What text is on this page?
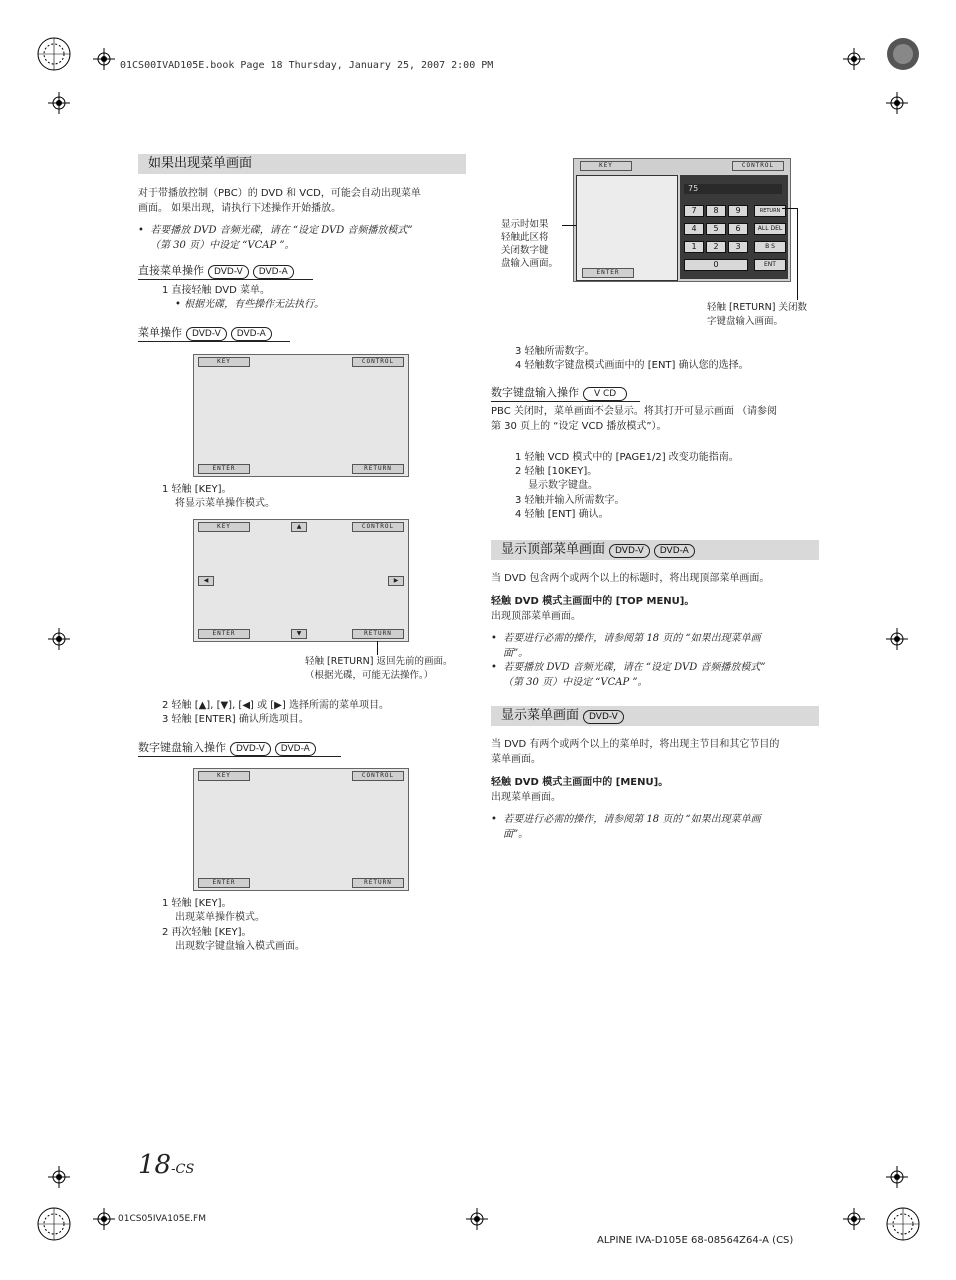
01CS00IVAD105E.book Page 18 Thursday, January 25, 2007 2:00 PM
如果出现菜单画面
对于带播放控制（PBC）的 DVD 和 VCD，可能会自动出现菜单
画面。 如果出现，请执行下述操作开始播放。
•  若要播放 DVD 音频光碟，请在 “设定 DVD 音频播放模式”
（第 30 页）中设定 “VCAP ”。
直接菜单操作 DVD-V DVD-A
1 直接轻触 DVD 菜单。
• 根据光碟，有些操作无法执行。
菜单操作 DVD-V DVD-A
KEY	CONTROL
ENTER	RETURN
1 轻触 [KEY]。
将显示菜单操作模式。
KEY	▲	CONTROL
◀	▶
ENTER	▼	RETURN
轻触 [RETURN] 返回先前的画面。
（根据光碟，可能无法操作。）
2 轻触 [▲], [▼], [◀] 或 [▶] 选择所需的菜单项目。
3 轻触 [ENTER] 确认所选项目。
数字键盘输入操作 DVD-V DVD-A
KEY	CONTROL
ENTER	RETURN
1 轻触 [KEY]。
出现菜单操作模式。
2 再次轻触 [KEY]。
出现数字键盘输入模式画面。
KEY	CONTROL
ENTER
75
7	8	9	RETURN
4	5	6	ALL DEL
1	2	3	B S
0	ENT
显示时如果
轻触此区将
关闭数字键
盘输入画面。
轻触 [RETURN] 关闭数
字键盘输入画面。
3 轻触所需数字。
4 轻触数字键盘模式画面中的 [ENT] 确认您的选择。
数字键盘输入操作 V CD
PBC 关闭时，菜单画面不会显示。将其打开可显示画面 （请参阅
第 30 页上的 “设定 VCD 播放模式”）。
1 轻触 VCD 模式中的 [PAGE1/2] 改变功能指南。
2 轻触 [10KEY]。
显示数字键盘。
3 轻触并输入所需数字。
4 轻触 [ENT] 确认。
显示顶部菜单画面 DVD-V DVD-A
当 DVD 包含两个或两个以上的标题时，将出现顶部菜单画面。
轻触 DVD 模式主画面中的 [TOP MENU]。
出现顶部菜单画面。
•  若要进行必需的操作，请参阅第 18 页的 “如果出现菜单画
面”。
•  若要播放 DVD 音频光碟，请在 “设定 DVD 音频播放模式”
（第 30 页）中设定 “VCAP ”。
显示菜单画面 DVD-V
当 DVD 有两个或两个以上的菜单时，将出现主节目和其它节目的
菜单画面。
轻触 DVD 模式主画面中的 [MENU]。
出现菜单画面。
•  若要进行必需的操作，请参阅第 18 页的 “如果出现菜单画
面”。
18-CS
01CS05IVA105E.FM
ALPINE IVA-D105E 68-08564Z64-A (CS)
